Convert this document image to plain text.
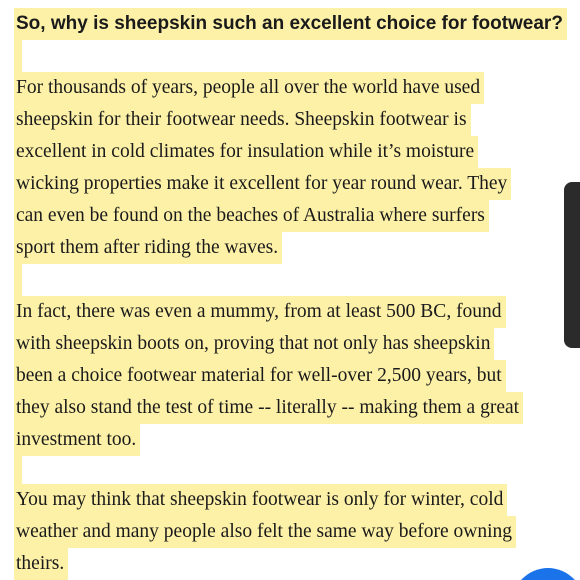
So, why is sheepskin such an excellent choice for footwear?
For thousands of years, people all over the world have used
sheepskin for their footwear needs. Sheepskin footwear is
excellent in cold climates for insulation while it’s moisture
wicking properties make it excellent for year round wear. They
can even be found on the beaches of Australia where surfers
sport them after riding the waves.
In fact, there was even a mummy, from at least 500 BC, found
with sheepskin boots on, proving that not only has sheepskin
been a choice footwear material for well-over 2,500 years, but
they also stand the test of time -- literally -- making them a great
investment too.
You may think that sheepskin footwear is only for winter, cold
weather and many people also felt the same way before owning
theirs.
